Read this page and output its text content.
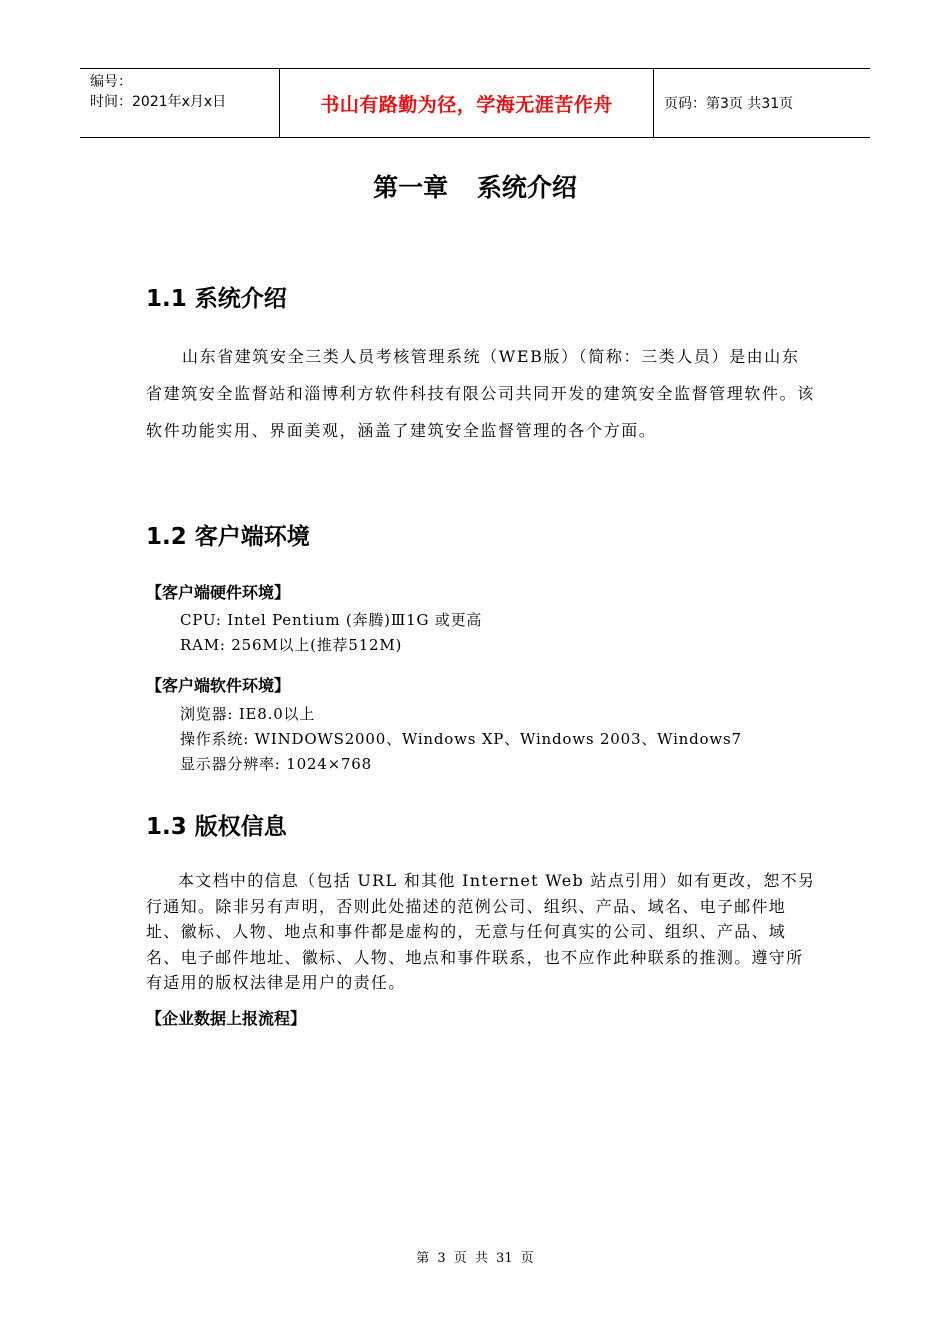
编号：
时间：2021年x月x日	书山有路勤为径，学海无涯苦作舟	页码：第3页 共31页
第一章 系统介绍
1.1 系统介绍

山东省建筑安全三类人员考核管理系统（WEB版）（简称：三类人员）是由山东省建筑安全监督站和淄博利方软件科技有限公司共同开发的建筑安全监督管理软件。该软件功能实用、界面美观，涵盖了建筑安全监督管理的各个方面。

1.2 客户端环境
【客户端硬件环境】
CPU: Intel Pentium (奔腾)Ⅲ1G 或更高
RAM: 256M以上(推荐512M)
【客户端软件环境】
浏览器: IE8.0以上
操作系统: WINDOWS2000、Windows XP、Windows 2003、Windows7
显示器分辨率: 1024×768
1.3 版权信息

本文档中的信息（包括 URL 和其他 Internet Web 站点引用）如有更改，恕不另行通知。除非另有声明，否则此处描述的范例公司、组织、产品、域名、电子邮件地址、徽标、人物、地点和事件都是虚构的，无意与任何真实的公司、组织、产品、域名、电子邮件地址、徽标、人物、地点和事件联系，也不应作此种联系的推测。遵守所有适用的版权法律是用户的责任。

【企业数据上报流程】
第 3 页 共 31 页
